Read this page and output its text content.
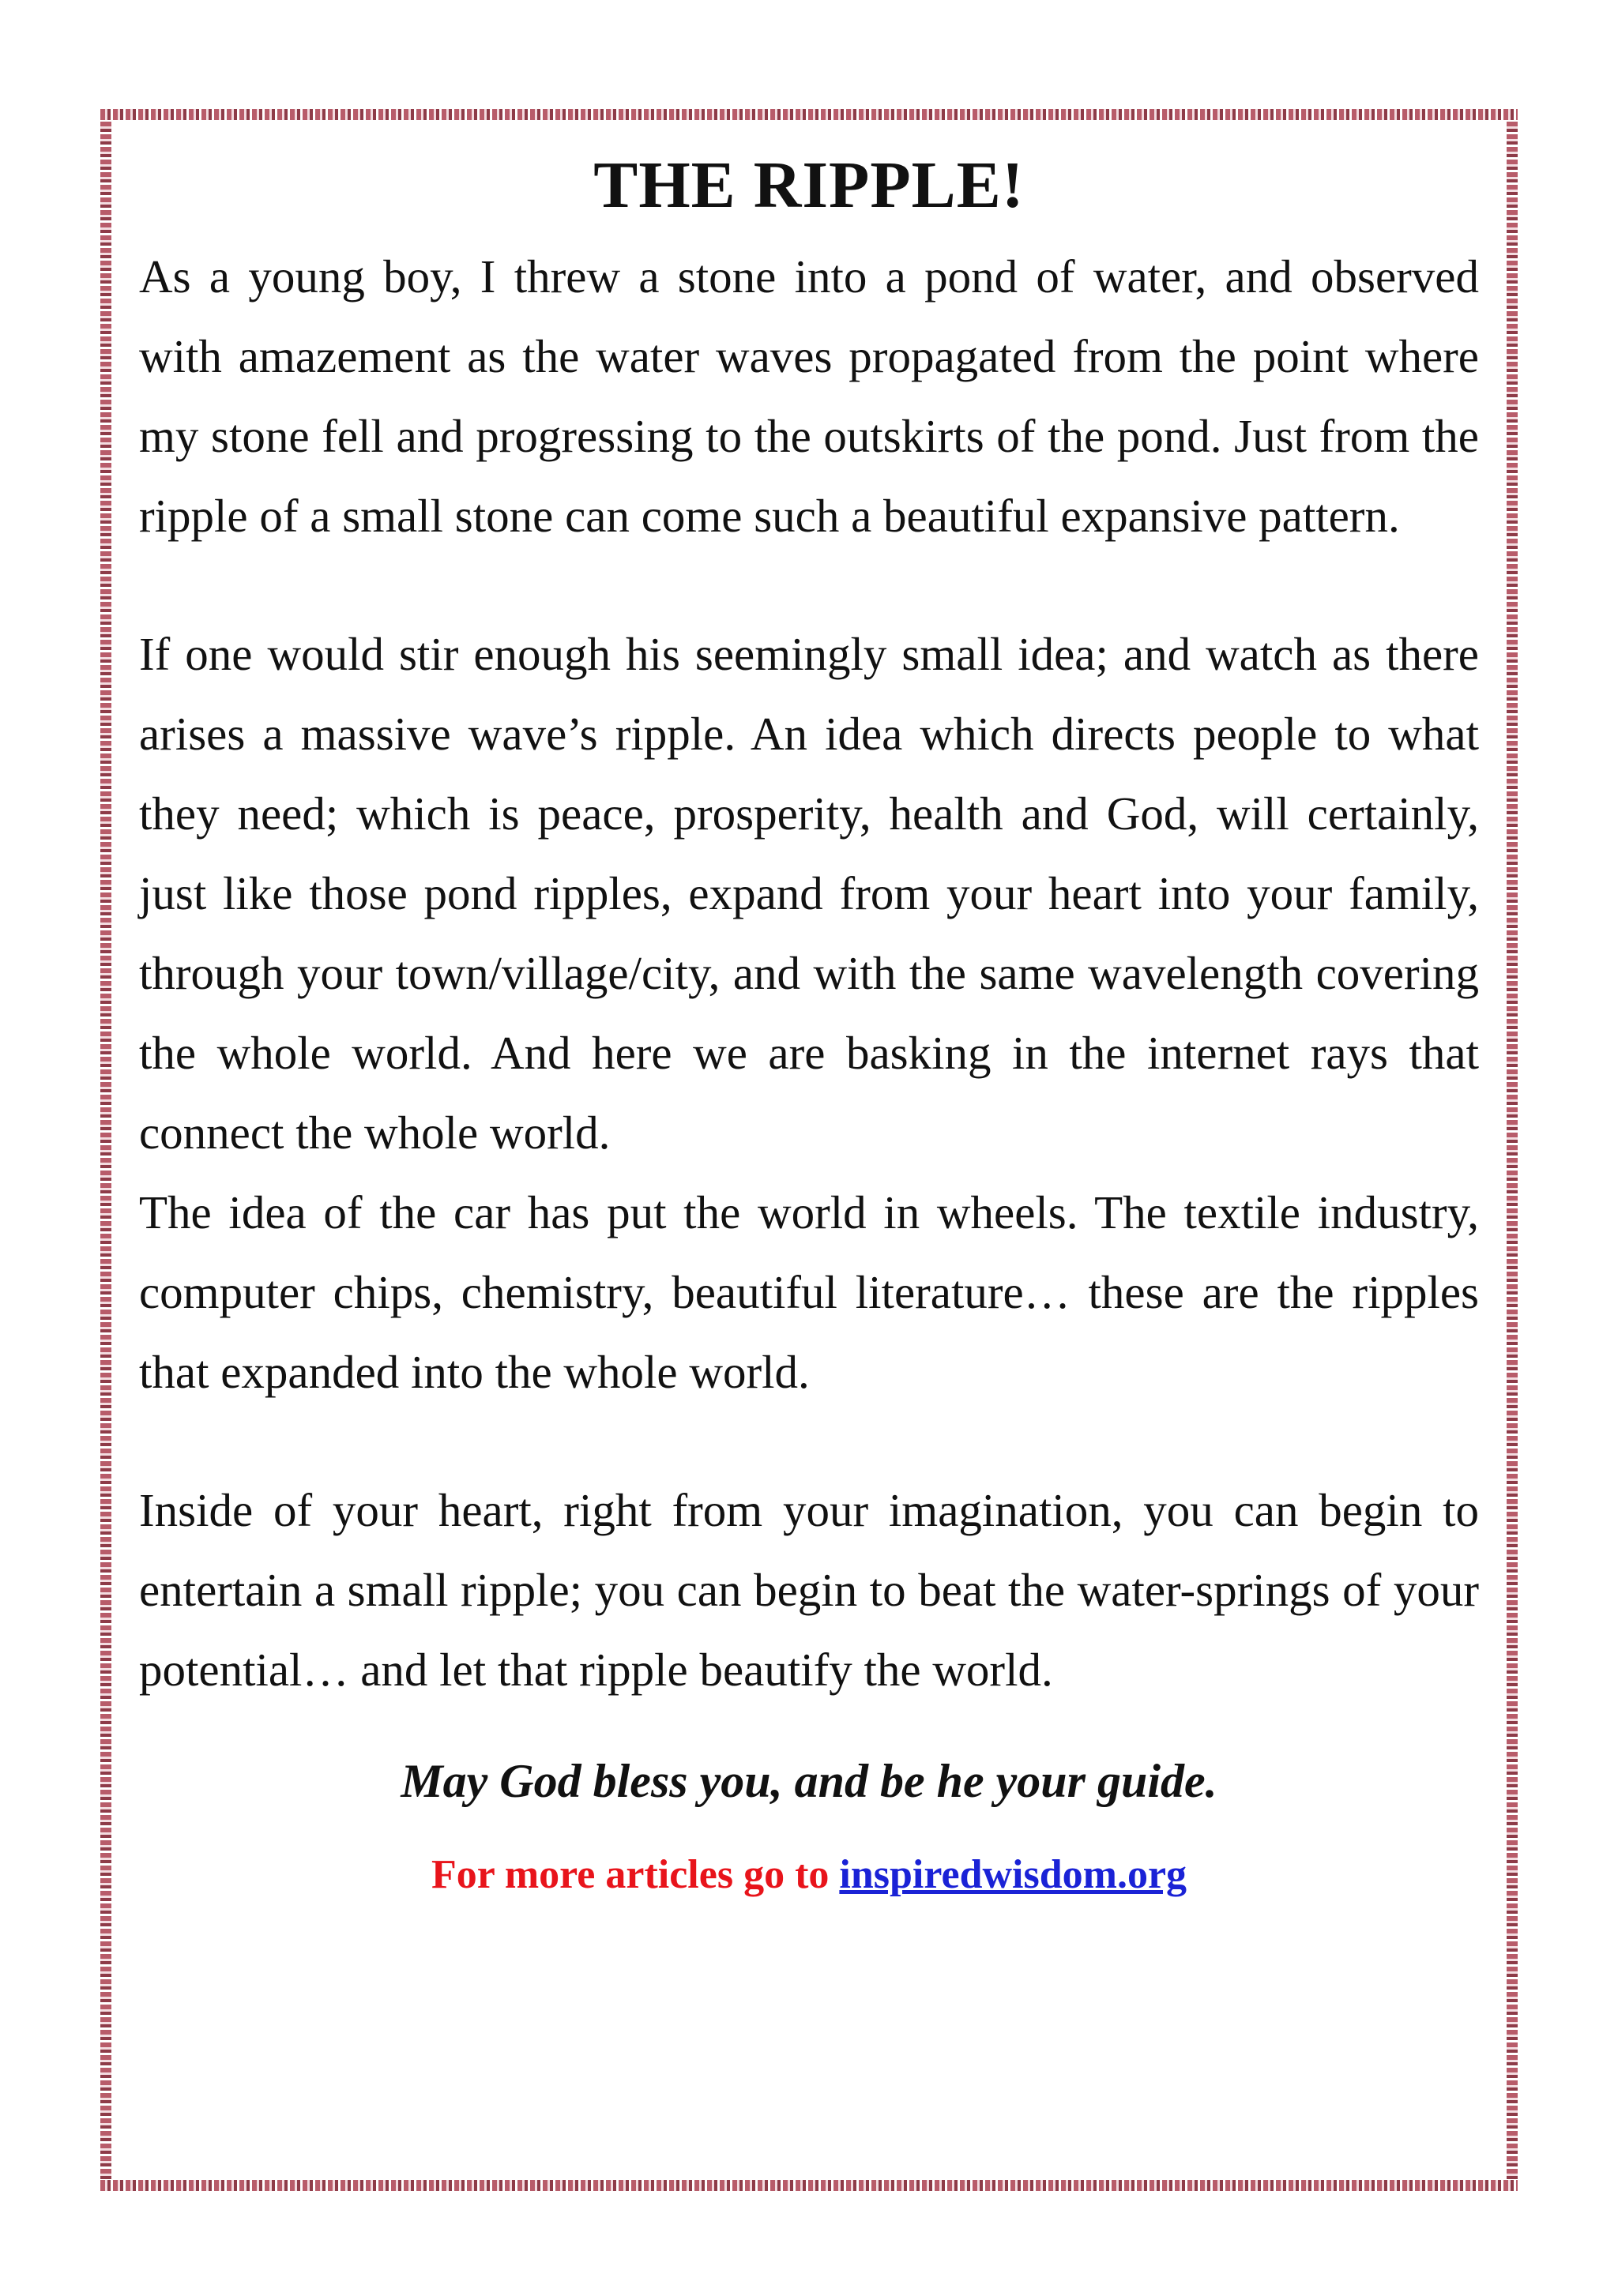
THE RIPPLE!

As a young boy, I threw a stone into a pond of water, and observed with amazement as the water waves propagated from the point where my stone fell and progressing to the outskirts of the pond. Just from the ripple of a small stone can come such a beautiful expansive pattern.

If one would stir enough his seemingly small idea; and watch as there arises a massive wave’s ripple. An idea which directs people to what they need; which is peace, prosperity, health and God, will certainly, just like those pond ripples, expand from your heart into your family, through your town/village/city, and with the same wavelength covering the whole world. And here we are basking in the internet rays that connect the whole world.

The idea of the car has put the world in wheels. The textile industry, computer chips, chemistry, beautiful literature… these are the ripples that expanded into the whole world.

Inside of your heart, right from your imagination, you can begin to entertain a small ripple; you can begin to beat the water-springs of your potential… and let that ripple beautify the world.

May God bless you, and be he your guide.
For more articles go to inspiredwisdom.org
